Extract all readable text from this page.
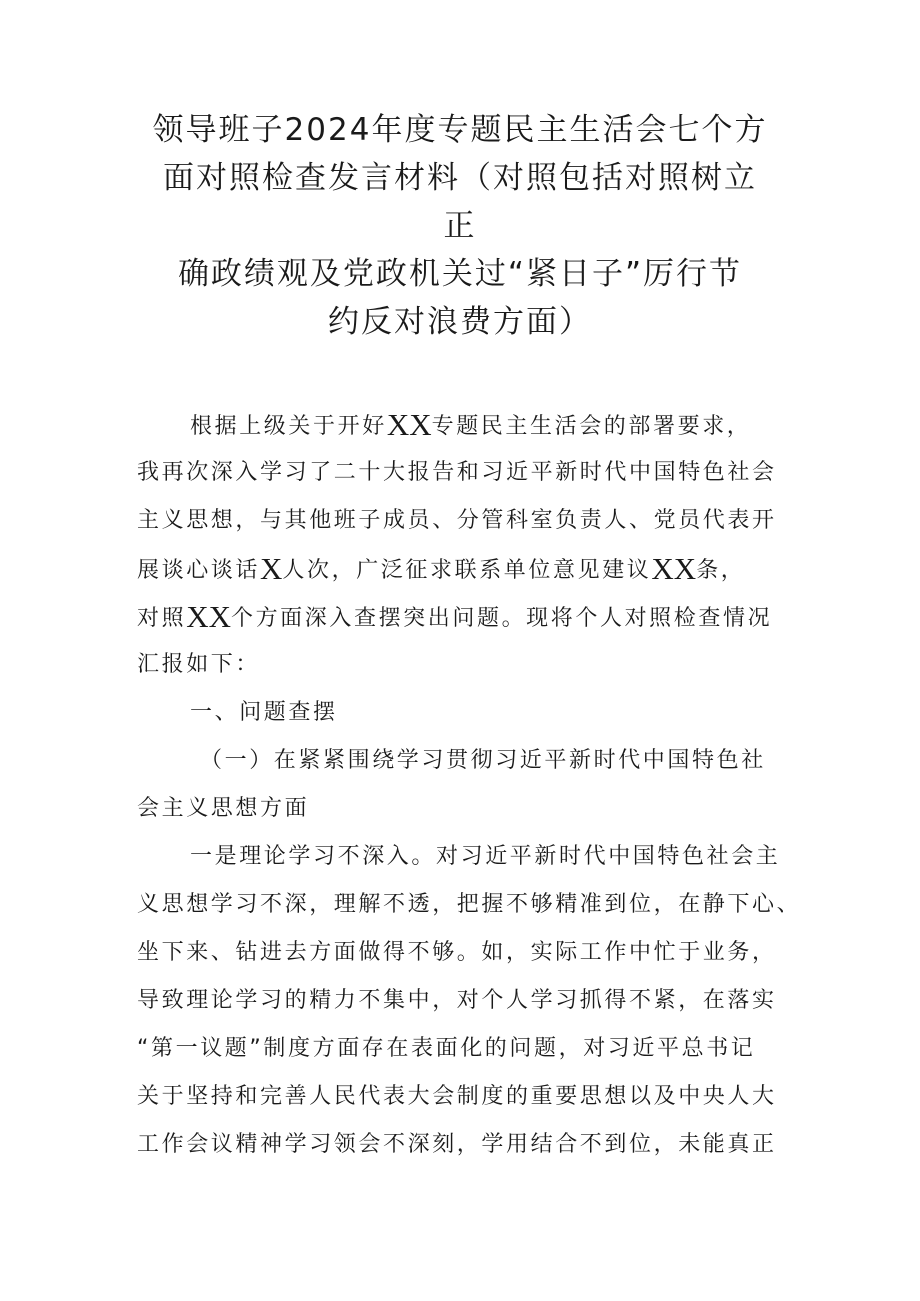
领导班子2024年度专题民主生活会七个方
面对照检查发言材料（对照包括对照树立
正
确政绩观及党政机关过“紧日子”厉行节
约反对浪费方面）
根据上级关于开好XX专题民主生活会的部署要求，
我再次深入学习了二十大报告和习近平新时代中国特色社会
主义思想，与其他班子成员、分管科室负责人、党员代表开
展谈心谈话X人次，广泛征求联系单位意见建议XX条，
对照XX个方面深入查摆突出问题。现将个人对照检查情况
汇报如下：
一、问题查摆
（一）在紧紧围绕学习贯彻习近平新时代中国特色社
会主义思想方面
一是理论学习不深入。对习近平新时代中国特色社会主
义思想学习不深，理解不透，把握不够精准到位，在静下心、
坐下来、钻进去方面做得不够。如，实际工作中忙于业务，
导致理论学习的精力不集中，对个人学习抓得不紧，在落实
“第一议题”制度方面存在表面化的问题，对习近平总书记
关于坚持和完善人民代表大会制度的重要思想以及中央人大
工作会议精神学习领会不深刻，学用结合不到位，未能真正
